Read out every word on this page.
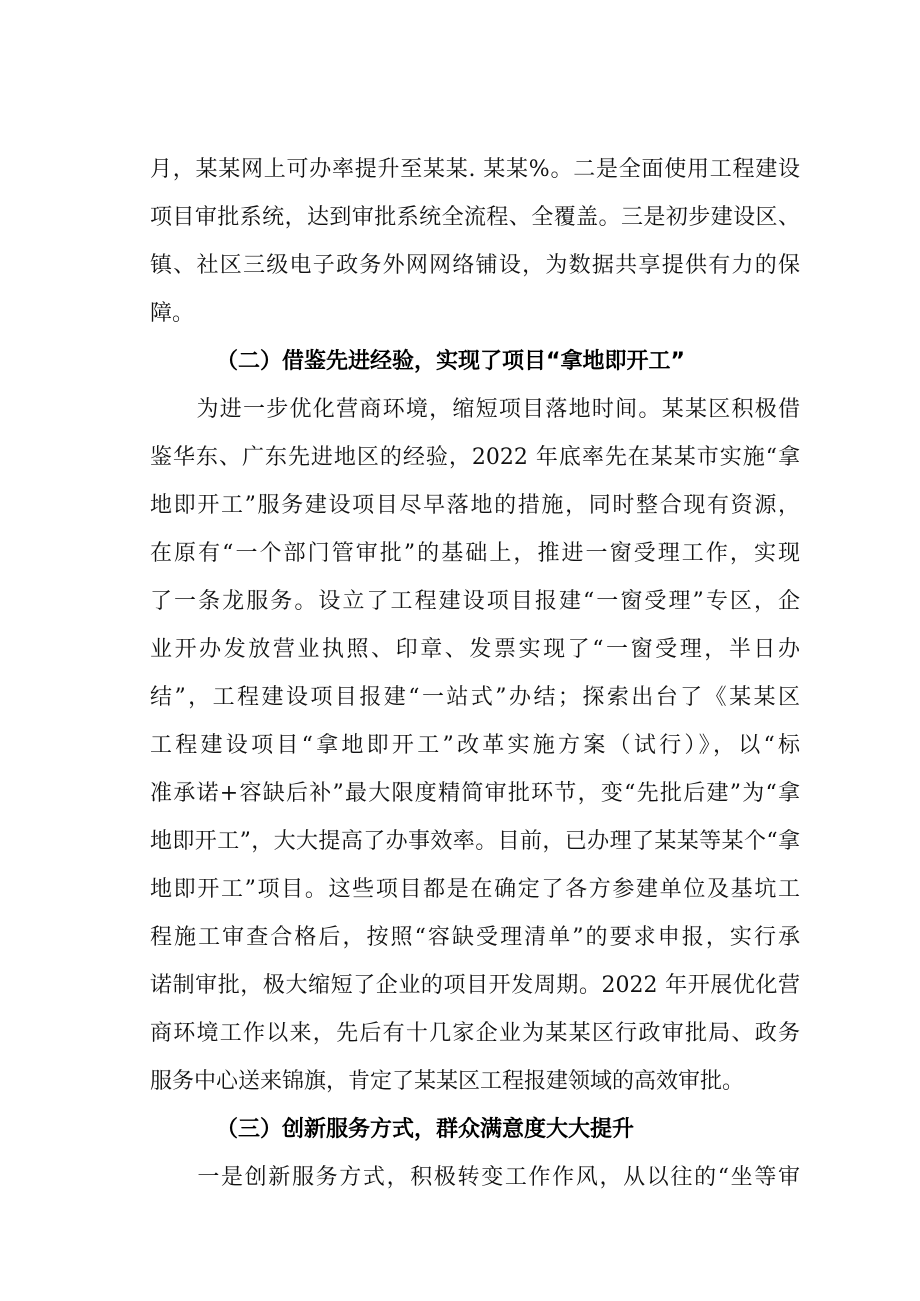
月，某某网上可办率提升至某某. 某某%。二是全面使用工程建设
项目审批系统，达到审批系统全流程、全覆盖。三是初步建设区、
镇、社区三级电子政务外网网络铺设，为数据共享提供有力的保
障。
（二）借鉴先进经验，实现了项目“拿地即开工”
　　为进一步优化营商环境，缩短项目落地时间。某某区积极借
鉴华东、广东先进地区的经验，2022 年底率先在某某市实施“拿
地即开工”服务建设项目尽早落地的措施，同时整合现有资源，
在原有“一个部门管审批”的基础上，推进一窗受理工作，实现
了一条龙服务。设立了工程建设项目报建“一窗受理”专区，企
业开办发放营业执照、印章、发票实现了“一窗受理，半日办
结”，工程建设项目报建“一站式”办结；探索出台了《某某区
工程建设项目“拿地即开工”改革实施方案（试行）》，以“标
准承诺+容缺后补”最大限度精简审批环节，变“先批后建”为“拿
地即开工”，大大提高了办事效率。目前，已办理了某某等某个“拿
地即开工”项目。这些项目都是在确定了各方参建单位及基坑工
程施工审查合格后，按照“容缺受理清单”的要求申报，实行承
诺制审批，极大缩短了企业的项目开发周期。2022 年开展优化营
商环境工作以来，先后有十几家企业为某某区行政审批局、政务
服务中心送来锦旗，肯定了某某区工程报建领域的高效审批。
（三）创新服务方式，群众满意度大大提升
　　一是创新服务方式，积极转变工作作风，从以往的“坐等审
